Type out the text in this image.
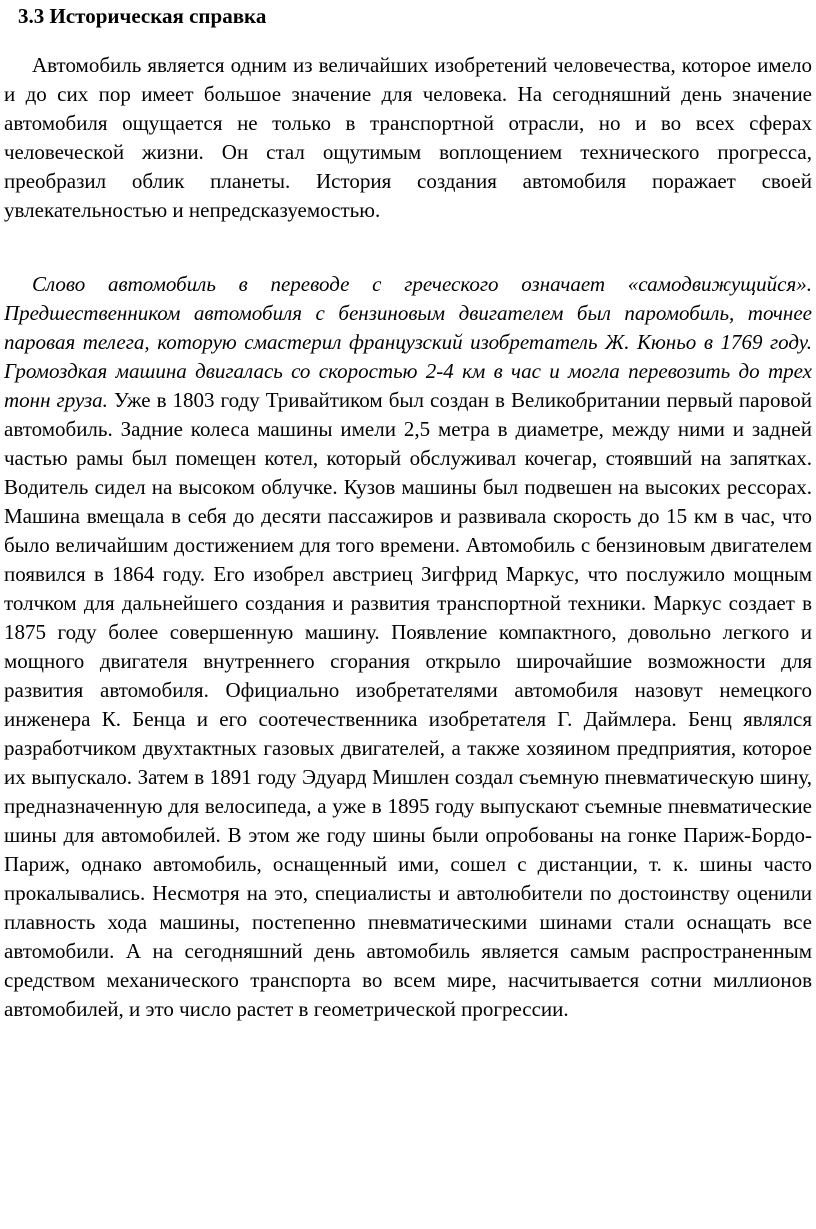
3.3 Историческая справка

Автомобиль является одним из величайших изобретений человечества, которое имело и до сих пор имеет большое значение для человека. На сегодняшний день значение автомобиля ощущается не только в транспортной отрасли, но и во всех сферах человеческой жизни. Он стал ощутимым воплощением технического прогресса, преобразил облик планеты. История создания автомобиля поражает своей увлекательностью и непредсказуемостью.

Слово автомобиль в переводе с греческого означает «самодвижущийся». Предшественником автомобиля с бензиновым двигателем был паромобиль, точнее паровая телега, которую смастерил французский изобретатель Ж. Кюньо в 1769 году. Громоздкая машина двигалась со скоростью 2-4 км в час и могла перевозить до трех тонн груза. Уже в 1803 году Тривайтиком был создан в Великобритании первый паровой автомобиль. Задние колеса машины имели 2,5 метра в диаметре, между ними и задней частью рамы был помещен котел, который обслуживал кочегар, стоявший на запятках. Водитель сидел на высоком облучке. Кузов машины был подвешен на высоких рессорах. Машина вмещала в себя до десяти пассажиров и развивала скорость до 15 км в час, что было величайшим достижением для того времени. Автомобиль с бензиновым двигателем появился в 1864 году. Его изобрел австриец Зигфрид Маркус, что послужило мощным толчком для дальнейшего создания и развития транспортной техники. Маркус создает в 1875 году более совершенную машину. Появление компактного, довольно легкого и мощного двигателя внутреннего сгорания открыло широчайшие возможности для развития автомобиля. Официально изобретателями автомобиля назовут немецкого инженера К. Бенца и его соотечественника изобретателя Г. Даймлера. Бенц являлся разработчиком двухтактных газовых двигателей, а также хозяином предприятия, которое их выпускало. Затем в 1891 году Эдуард Мишлен создал съемную пневматическую шину, предназначенную для велосипеда, а уже в 1895 году выпускают съемные пневматические шины для автомобилей. В этом же году шины были опробованы на гонке Париж-Бордо-Париж, однако автомобиль, оснащенный ими, сошел с дистанции, т. к. шины часто прокалывались. Несмотря на это, специалисты и автолюбители по достоинству оценили плавность хода машины, постепенно пневматическими шинами стали оснащать все автомобили. А на сегодняшний день автомобиль является самым распространенным средством механического транспорта во всем мире, насчитывается сотни миллионов автомобилей, и это число растет в геометрической прогрессии.
